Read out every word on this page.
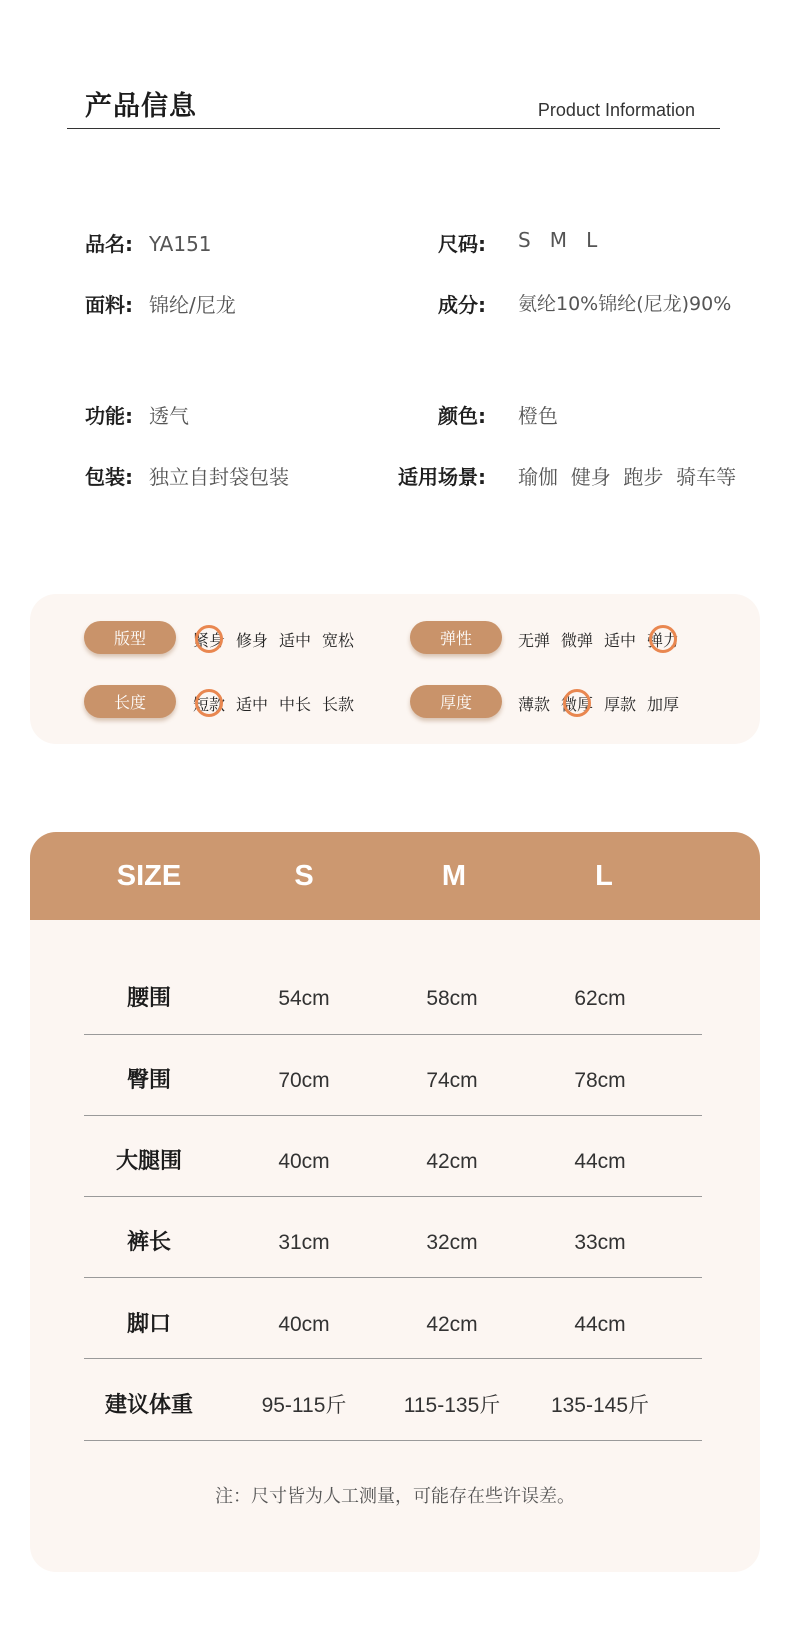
产品信息	Product Information
品名: YA151	尺码: S   M   L
面料: 锦纶/尼龙	成分: 氨纶10%锦纶(尼龙)90%
功能: 透气	颜色: 橙色
包装: 独立自封袋包装	适用场景: 瑜伽  健身  跑步  骑车等
版型	紧身 修身 适中 宽松	弹性	无弹 微弹 适中 弹力
长度	短款 适中 中长 长款	厚度	薄款 微厚 厚款 加厚
SIZE	S	M	L
腰围	54cm	58cm	62cm
臀围	70cm	74cm	78cm
大腿围	40cm	42cm	44cm
裤长	31cm	32cm	33cm
脚口	40cm	42cm	44cm
建议体重	95-115斤	115-135斤	135-145斤
注：尺寸皆为人工测量，可能存在些许误差。
